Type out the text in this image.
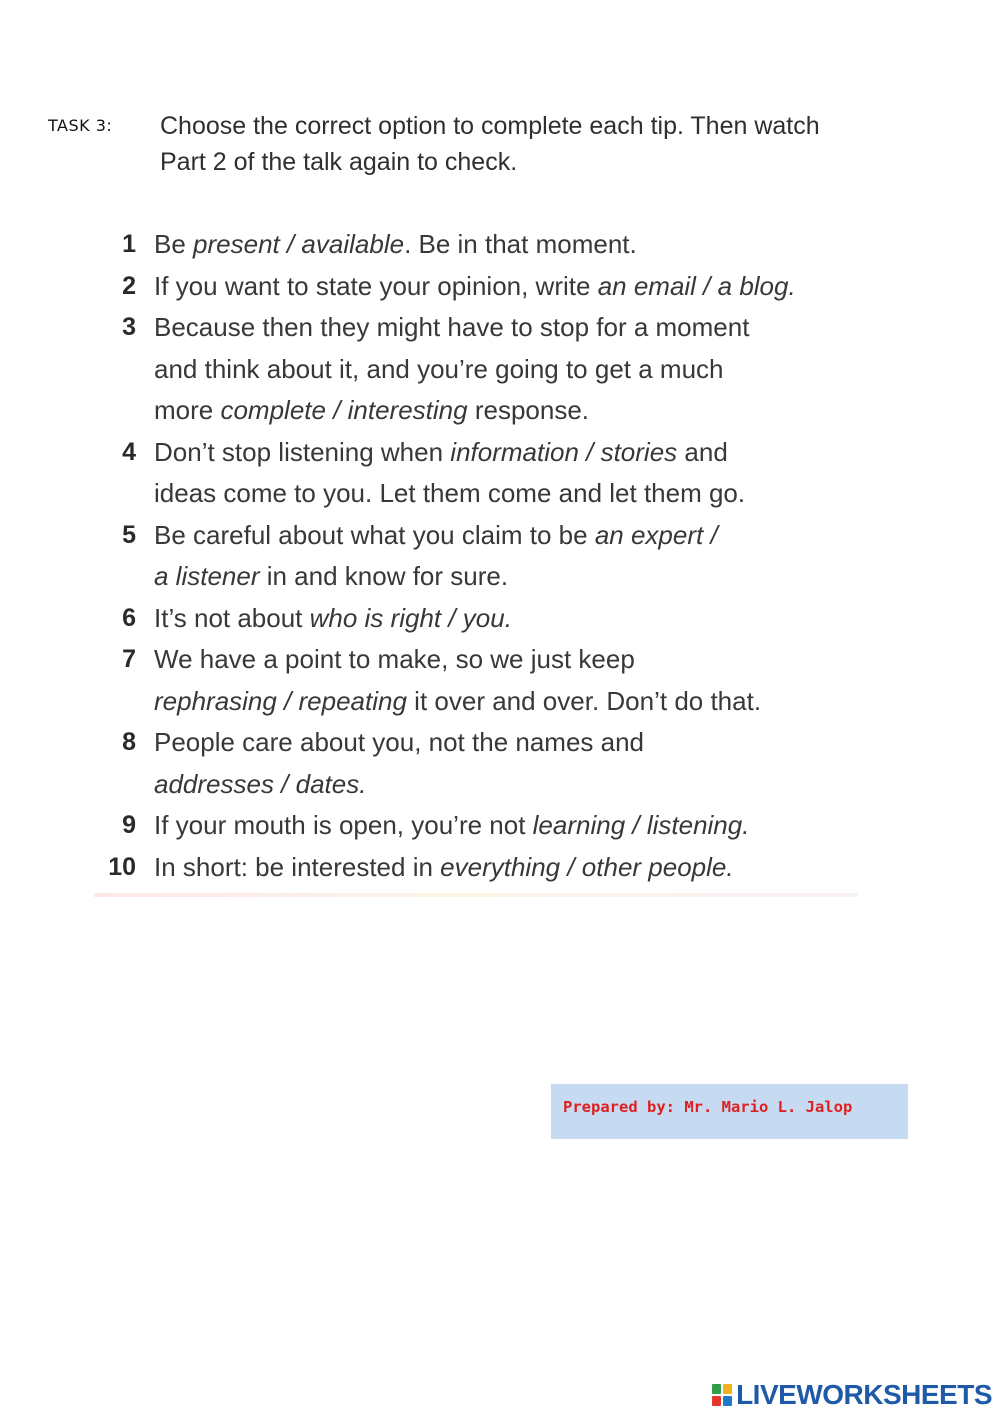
TASK 3: Choose the correct option to complete each tip. Then watch Part 2 of the talk again to check.
1 Be present / available. Be in that moment.
2 If you want to state your opinion, write an email / a blog.
3 Because then they might have to stop for a moment
and think about it, and you’re going to get a much
more complete / interesting response.
4 Don’t stop listening when information / stories and
ideas come to you. Let them come and let them go.
5 Be careful about what you claim to be an expert /
a listener in and know for sure.
6 It’s not about who is right / you.
7 We have a point to make, so we just keep
rephrasing / repeating it over and over. Don’t do that.
8 People care about you, not the names and
addresses / dates.
9 If your mouth is open, you’re not learning / listening.
10 In short: be interested in everything / other people.
Prepared by: Mr. Mario L. Jalop
LIVEWORKSHEETS
